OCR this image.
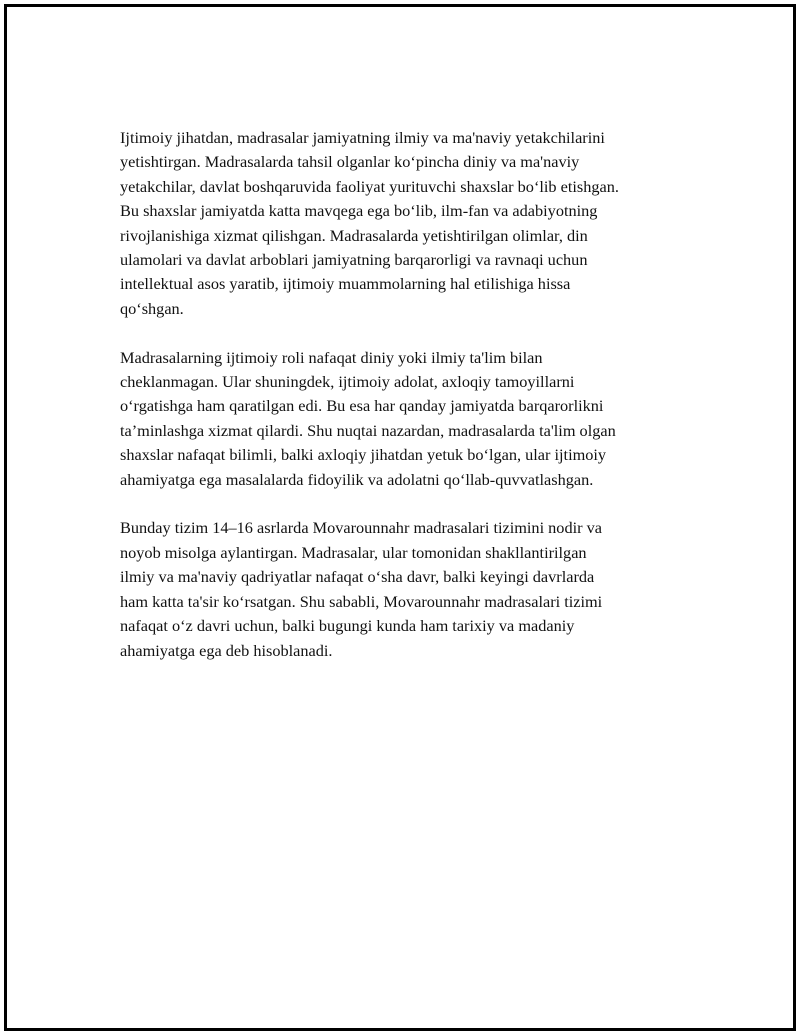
Ijtimoiy jihatdan, madrasalar jamiyatning ilmiy va ma'naviy yetakchilarini
yetishtirgan. Madrasalarda tahsil olganlar ko‘pincha diniy va ma'naviy
yetakchilar, davlat boshqaruvida faoliyat yurituvchi shaxslar bo‘lib etishgan.
Bu shaxslar jamiyatda katta mavqega ega bo‘lib, ilm-fan va adabiyotning
rivojlanishiga xizmat qilishgan. Madrasalarda yetishtirilgan olimlar, din
ulamolari va davlat arboblari jamiyatning barqarorligi va ravnaqi uchun
intellektual asos yaratib, ijtimoiy muammolarning hal etilishiga hissa
qo‘shgan.

Madrasalarning ijtimoiy roli nafaqat diniy yoki ilmiy ta'lim bilan
cheklanmagan. Ular shuningdek, ijtimoiy adolat, axloqiy tamoyillarni
o‘rgatishga ham qaratilgan edi. Bu esa har qanday jamiyatda barqarorlikni
ta’minlashga xizmat qilardi. Shu nuqtai nazardan, madrasalarda ta'lim olgan
shaxslar nafaqat bilimli, balki axloqiy jihatdan yetuk bo‘lgan, ular ijtimoiy
ahamiyatga ega masalalarda fidoyilik va adolatni qo‘llab-quvvatlashgan.

Bunday tizim 14–16 asrlarda Movarounnahr madrasalari tizimini nodir va
noyob misolga aylantirgan. Madrasalar, ular tomonidan shakllantirilgan
ilmiy va ma'naviy qadriyatlar nafaqat o‘sha davr, balki keyingi davrlarda
ham katta ta'sir ko‘rsatgan. Shu sababli, Movarounnahr madrasalari tizimi
nafaqat o‘z davri uchun, balki bugungi kunda ham tarixiy va madaniy
ahamiyatga ega deb hisoblanadi.
